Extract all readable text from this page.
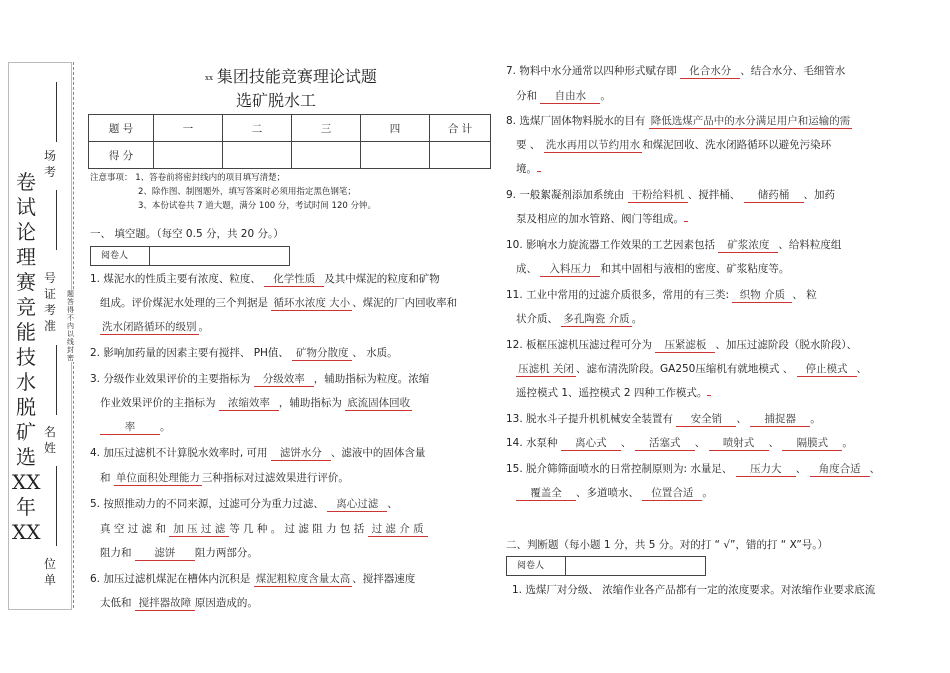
卷
试
论
理
赛
竞
能
技
水
脱
矿
选
XX
年
XX
场考
号证考准
名姓
位单
题答得不内以线封密
xx 集团技能竞赛理论试题
选矿脱水工
题 号	一	二	三	四	合 计
得 分					
注意事项： 1、答卷前将密封线内的项目填写清楚；
2、除作图、制图题外，填写答案时必须用指定黑色钢笔；
3、本份试卷共 7 道大题，满分 100 分，考试时间 120 分钟。
一、 填空题。（每空 0.5 分，共 20 分。）
阅卷人
1. 煤泥水的性质主要有浓度、粒度、 化学性质 及其中煤泥的粒度和矿物
组成。评价煤泥水处理的三个判据是 循环水浓度 大小 、煤泥的厂内回收率和
洗水闭路循环的级别 。
2. 影响加药量的因素主要有搅拌、 PH值、 矿物分散度 、 水质。
3. 分级作业效果评价的主要指标为 分级效率 ，辅助指标为粒度。浓缩
作业效果评价的主指标为 浓缩效率 ，辅助指标为 底流固体回收
率 。
4. 加压过滤机不计算脱水效率时, 可用 滤饼水分 、滤液中的固体含量
和 单位面积处理能力 三种指标对过滤效果进行评价。
5. 按照推动力的不同来源，过滤可分为重力过滤、 离心过滤 、
真 空 过 滤 和 加 压 过 滤 等 几 种 。 过 滤 阻 力 包 括 过 滤 介 质
阻力和 滤饼 阻力两部分。
6. 加压过滤机煤泥在槽体内沉积是 煤泥粗粒度含量太高 、搅拌器速度
太低和 搅拌器故障 原因造成的。
7. 物料中水分通常以四种形式赋存即 化合水分 、结合水分、毛细管水
分和 自由水 。
8. 选煤厂固体物料脱水的目有 降低选煤产品中的水分满足用户和运输的需
要 、 洗水再用以节约用水 和煤泥回收、洗水闭路循环以避免污染环
境。
9. 一般絮凝剂添加系统由 干粉给料机 、搅拌桶、 储药桶 、加药
泵及相应的加水管路、阀门等组成。
10. 影响水力旋流器工作效果的工艺因素包括 矿浆浓度 、给料粒度组
成、 入料压力 和其中固相与液相的密度、矿浆粘度等。
11. 工业中常用的过滤介质很多，常用的有三类: 织物 介质 、 粒
状介质、 多孔陶瓷 介质 。
12. 板框压滤机压滤过程可分为 压紧滤板 、加压过滤阶段（脱水阶段）、
压滤机 关闭 、滤布清洗阶段。GA250压缩机有就地模式 、 停止模式 、
遥控模式 1、遥控模式 2 四种工作模式。
13. 脱水斗子提升机机械安全装置有 安全销 、 捕捉器 。
14. 水泵种 离心式 、 活塞式 、 喷射式 、 隔膜式 。
15. 脱介筛筛面喷水的日常控制原则为: 水量足、 压力大 、 角度合适 、
覆盖全 、多道喷水、 位置合适 。
二、判断题（每小题 1 分，共 5 分。对的打 “ √”，错的打 “ X”号。）
阅卷人
1. 选煤厂对分级、 浓缩作业各产品都有一定的浓度要求。对浓缩作业要求底流
